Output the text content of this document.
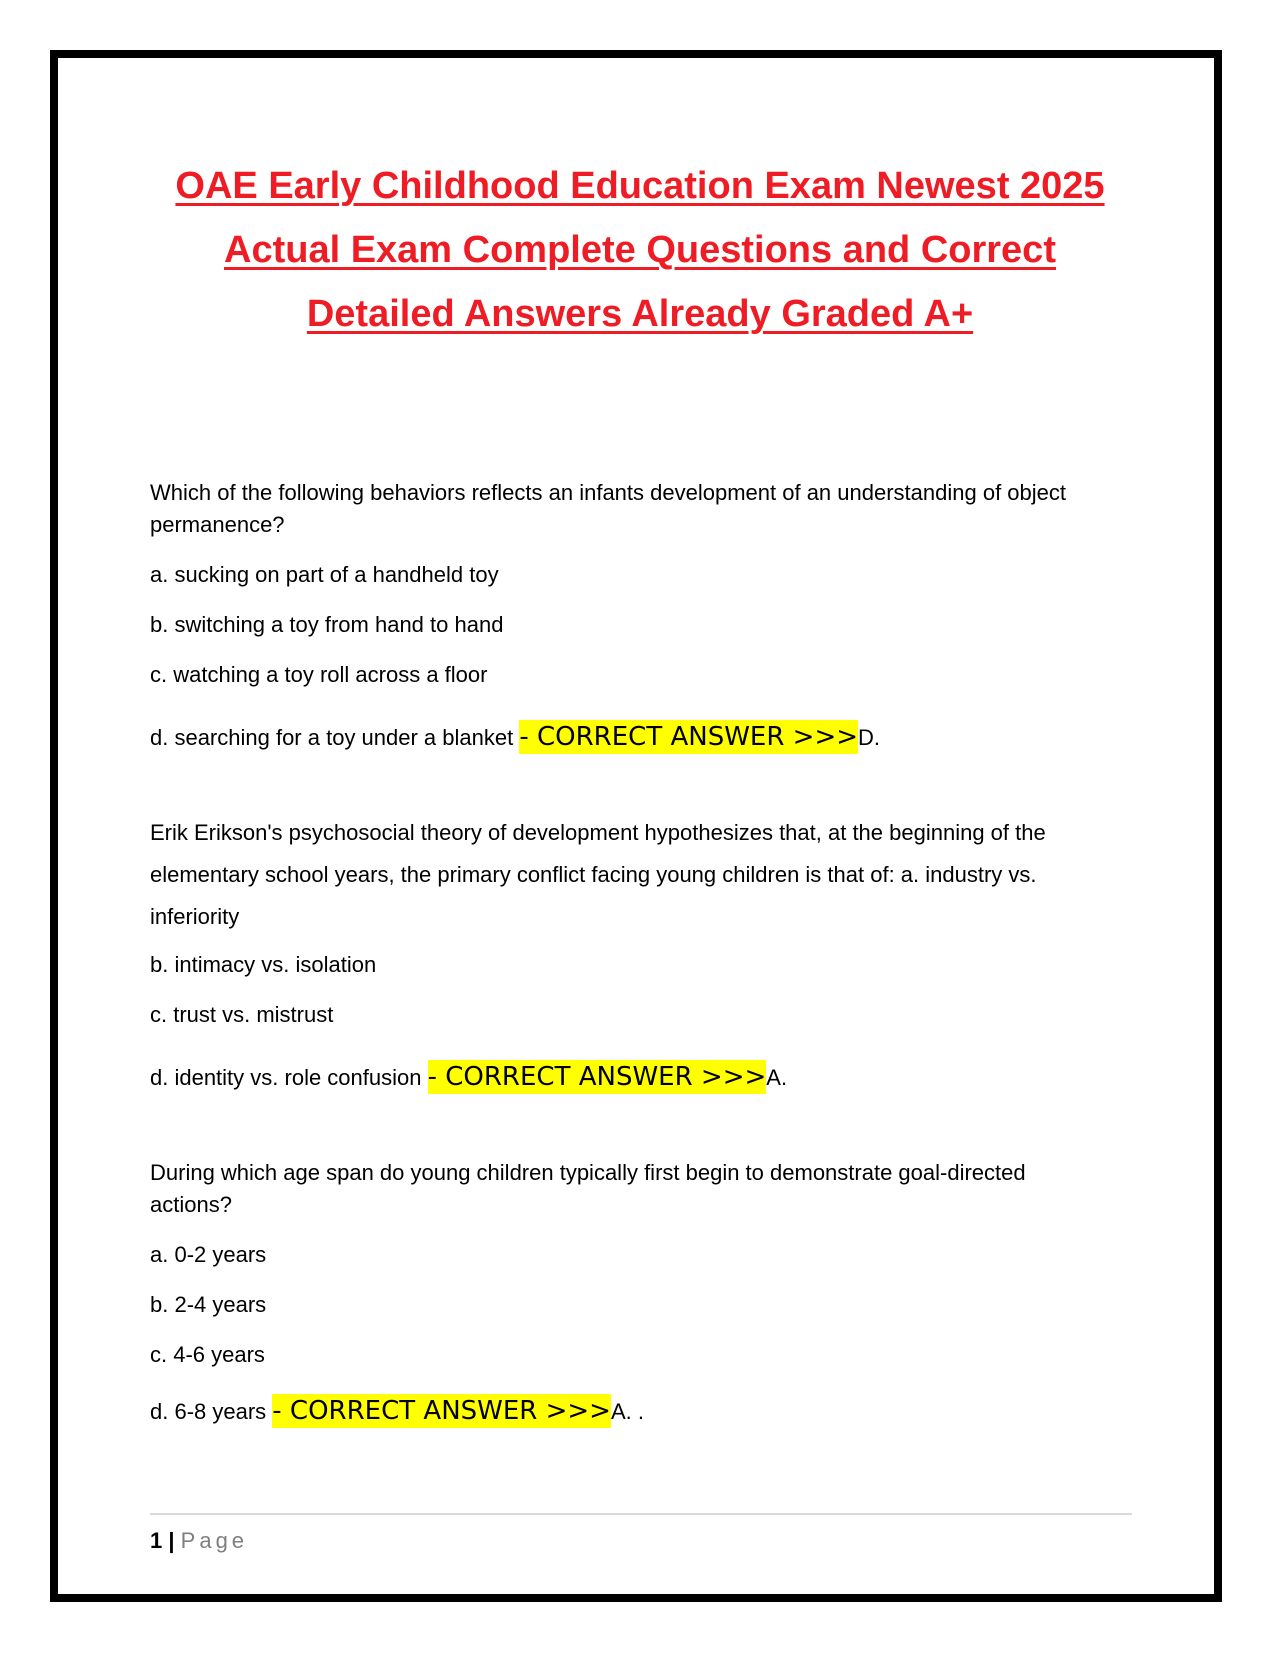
OAE Early Childhood Education Exam Newest 2025
Actual Exam Complete Questions and Correct
Detailed Answers Already Graded A+
Which of the following behaviors reflects an infants development of an understanding of object
permanence?
a. sucking on part of a handheld toy
b. switching a toy from hand to hand
c. watching a toy roll across a floor
d. searching for a toy under a blanket - CORRECT ANSWER >>>D.
Erik Erikson's psychosocial theory of development hypothesizes that, at the beginning of the
elementary school years, the primary conflict facing young children is that of: a. industry vs.
inferiority
b. intimacy vs. isolation
c. trust vs. mistrust
d. identity vs. role confusion - CORRECT ANSWER >>>A.
During which age span do young children typically first begin to demonstrate goal-directed
actions?
a. 0-2 years
b. 2-4 years
c. 4-6 years
d. 6-8 years - CORRECT ANSWER >>>A. .
1 | Page
